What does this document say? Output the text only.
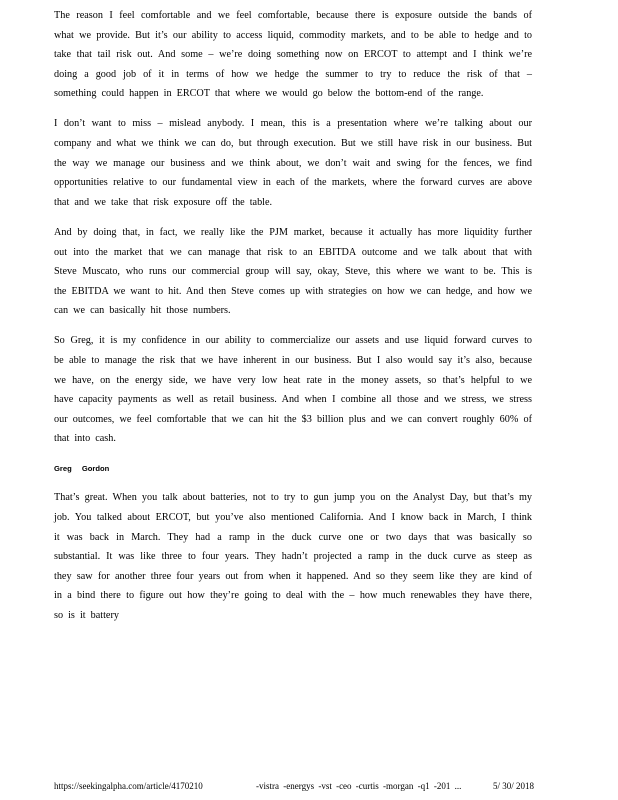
The reason I feel comfortable and we feel comfortable, because there is exposure outside the bands of what we provide. But it’s our ability to access liquid, commodity markets, and to be able to hedge and to take that tail risk out. And some – we’re doing something now on ERCOT to attempt and I think we’re doing a good job of it in terms of how we hedge the summer to try to reduce the risk of that – something could happen in ERCOT that where we would go below the bottom-end of the range.

I don’t want to miss – mislead anybody. I mean, this is a presentation where we’re talking about our company and what we think we can do, but through execution. But we still have risk in our business. But the way we manage our business and we think about, we don’t wait and swing for the fences, we find opportunities relative to our fundamental view in each of the markets, where the forward curves are above that and we take that risk exposure off the table.

And by doing that, in fact, we really like the PJM market, because it actually has more liquidity further out into the market that we can manage that risk to an EBITDA outcome and we talk about that with Steve Muscato, who runs our commercial group will say, okay, Steve, this where we want to be. This is the EBITDA we want to hit. And then Steve comes up with strategies on how we can hedge, and how we can we can basically hit those numbers.

So Greg, it is my confidence in our ability to commercialize our assets and use liquid forward curves to be able to manage the risk that we have inherent in our business. But I also would say it’s also, because we have, on the energy side, we have very low heat rate in the money assets, so that’s helpful to we have capacity payments as well as retail business. And when I combine all those and we stress, we stress our outcomes, we feel comfortable that we can hit the $3 billion plus and we can convert roughly 60% of that into cash.

Greg Gordon

That’s great. When you talk about batteries, not to try to gun jump you on the Analyst Day, but that’s my job. You talked about ERCOT, but you’ve also mentioned California. And I know back in March, I think it was back in March. They had a ramp in the duck curve one or two days that was basically so substantial. It was like three to four years. They hadn’t projected a ramp in the duck curve as steep as they saw for another three four years out from when it happened. And so they seem like they are kind of in a bind there to figure out how they’re going to deal with the – how much renewables they have there, so is it battery

https://seekingalpha.com/article/4170210	-vistra -energys -vst -ceo -curtis -morgan -q1 -201 ...	5/ 30/ 2018
